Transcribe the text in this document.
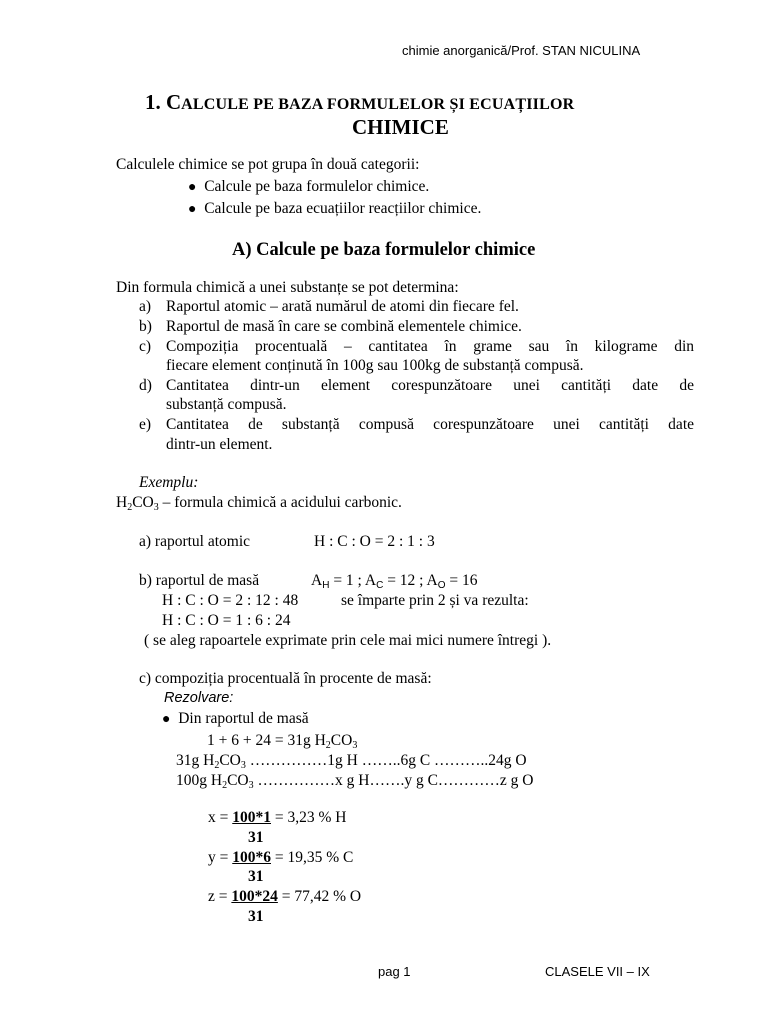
chimie anorganică/Prof. STAN NICULINA
1. CALCULE PE BAZA FORMULELOR ȘI ECUAȚIILOR
CHIMICE
Calculele chimice se pot grupa în două categorii:
● Calcule pe baza formulelor chimice.
● Calcule pe baza ecuațiilor reacțiilor chimice.
A) Calcule pe baza formulelor chimice
Din formula chimică a unei substanțe se pot determina:
a) Raportul atomic – arată numărul de atomi din fiecare fel.
b) Raportul de masă în care se combină elementele chimice.
c) Compoziția procentuală – cantitatea în grame sau în kilograme din
fiecare element conținută în 100g sau 100kg de substanță compusă.
d) Cantitatea dintr-un element corespunzătoare unei cantități date de
substanță compusă.
e) Cantitatea de substanță compusă corespunzătoare unei cantități date
dintr-un element.
Exemplu:
$H_2CO_3$ – formula chimică a acidului carbonic.
a) raportul atomic	H : C : O = 2 : 1 : 3
b) raportul de masă	$A_H = 1$ ; $A_C = 12$ ; $A_O = 16$
H : C : O = 2 : 12 : 48	se împarte prin 2 și va rezulta:
H : C : O = 1 : 6 : 24
( se aleg rapoartele exprimate prin cele mai mici numere întregi ).
c) compoziția procentuală în procente de masă:
Rezolvare:
● Din raportul de masă
1 + 6 + 24 = 31g $H_2CO_3$
31g $H_2CO_3$ ……………1g H ……..6g C ………..24g O
100g $H_2CO_3$ ……………x g H…….y g C…………z g O
x = 100*1 = 3,23 % H
31
y = 100*6 = 19,35 % C
31
z = 100*24 = 77,42 % O
31
pag 1	CLASELE VII – IX
